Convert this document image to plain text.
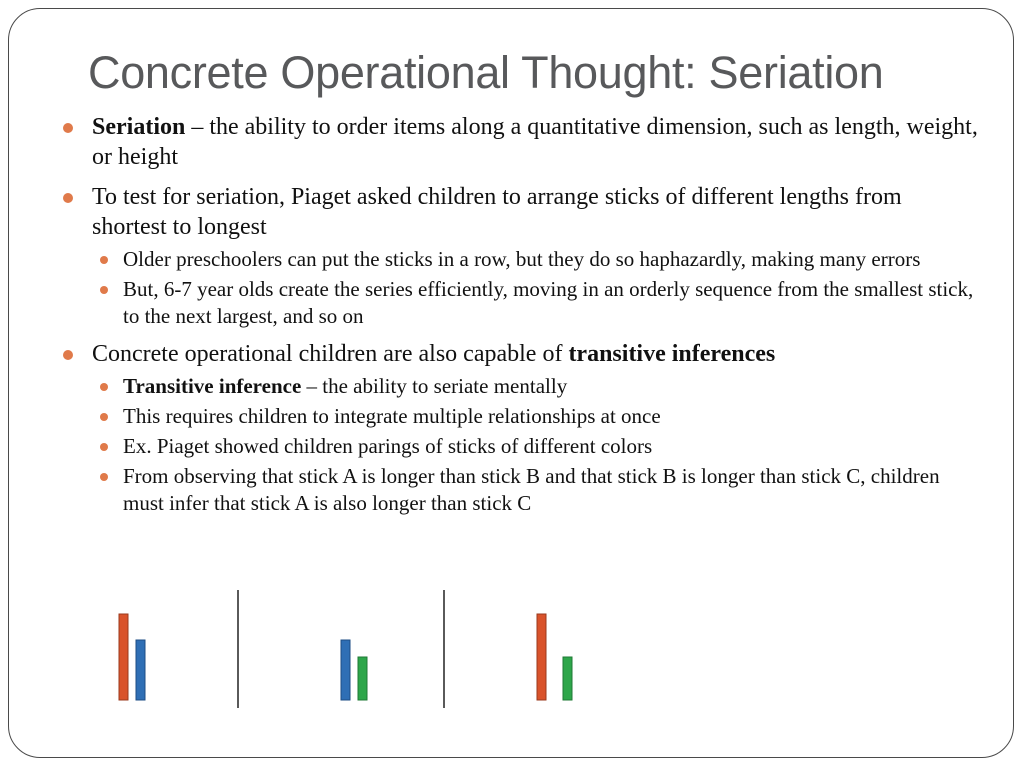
Concrete Operational Thought: Seriation
Seriation – the ability to order items along a quantitative dimension, such as length, weight, or height
To test for seriation, Piaget asked children to arrange sticks of different lengths from shortest to longest
Older preschoolers can put the sticks in a row, but they do so haphazardly, making many errors
But, 6-7 year olds create the series efficiently, moving in an orderly sequence from the smallest stick, to the next largest, and so on
Concrete operational children are also capable of transitive inferences
Transitive inference – the ability to seriate mentally
This requires children to integrate multiple relationships at once
Ex. Piaget showed children parings of sticks of different colors
From observing that stick A is longer than stick B and that stick B is longer than stick C, children must infer that stick A is also longer than stick C
